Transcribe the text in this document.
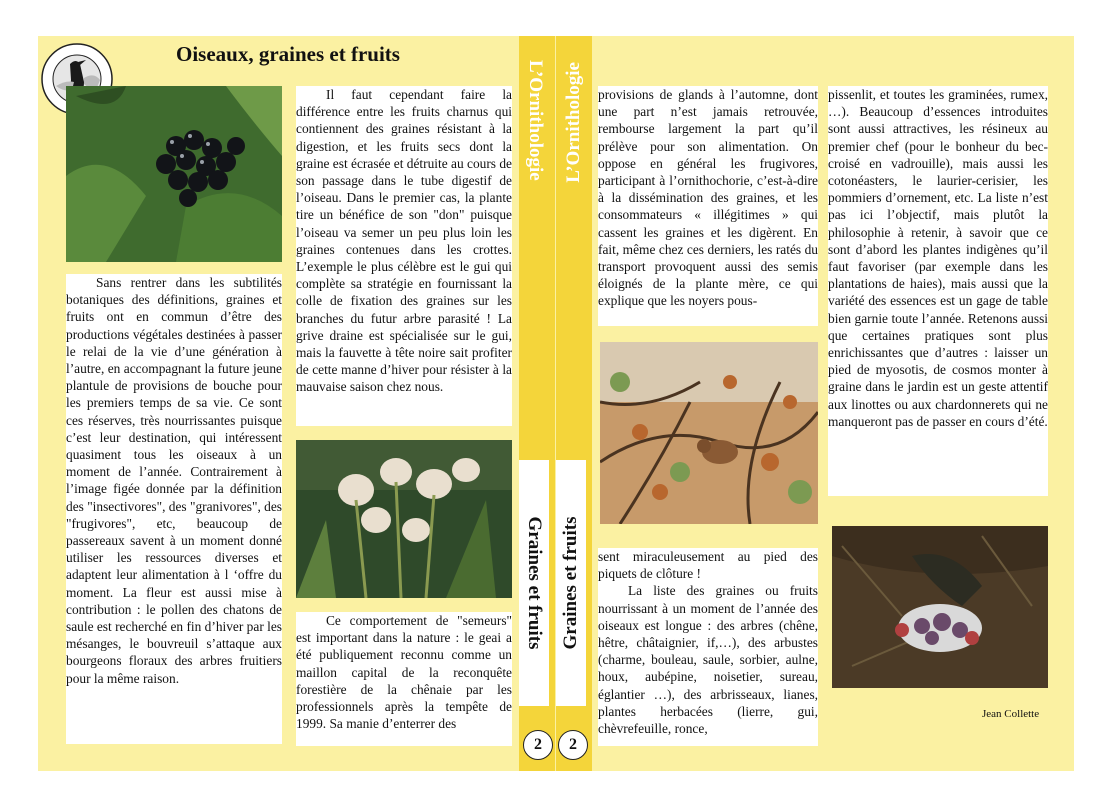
Oiseaux, graines et fruits

Sans rentrer dans les subtilités botaniques des définitions, graines et fruits ont en commun d’être des productions végétales destinées à passer le relai de la vie d’une génération à l’autre, en accompagnant la future jeune plantule de provisions de bouche pour les premiers temps de sa vie. Ce sont ces réserves, très nourrissantes puisque c’est leur destination, qui intéressent quasiment tous les oiseaux à un moment de l’année. Contrairement à l’image figée donnée par la définition des "insectivores", des "granivores", des "frugivores", etc, beaucoup de passereaux savent à un moment donné utiliser les ressources diverses et adaptent leur alimentation à l ‘offre du moment. La fleur est aussi mise à contribution : le pollen des chatons de saule est recherché en fin d’hiver par les mésanges, le bouvreuil s’attaque aux bourgeons floraux des arbres fruitiers pour la même raison.

Il faut cependant faire la différence entre les fruits charnus qui contiennent des graines résistant à la digestion, et les fruits secs dont la graine est écrasée et détruite au cours de son passage dans le tube digestif de l’oiseau. Dans le premier cas, la plante tire un bénéfice de son "don" puisque l’oiseau va semer un peu plus loin les graines contenues dans les crottes. L’exemple le plus célèbre est le gui qui complète sa stratégie en fournissant la colle de fixation des graines sur les branches du futur arbre parasité ! La grive draine est spécialisée sur le gui, mais la fauvette à tête noire sait profiter de cette manne d’hiver pour résister à la mauvaise saison chez nous.

Ce comportement de "semeurs" est important dans la nature : le geai a été publiquement reconnu comme un maillon capital de la reconquête forestière de la chênaie par les professionnels après la tempête de 1999. Sa manie d’enterrer des

L’Ornithologie L’Ornithologie
Graines et fruits Graines et fruits
2	2

provisions de glands à l’automne, dont une part n’est jamais retrouvée, rembourse largement la part qu’il prélève pour son alimentation. On oppose en général les frugivores, participant à l’ornithochorie, c’est-à-dire à la dissémination des graines, et les consommateurs « illégitimes » qui cassent les graines et les digèrent. En fait, même chez ces derniers, les ratés du transport provoquent aussi des semis éloignés de la plante mère, ce qui explique que les noyers pous-

sent miraculeusement au pied des piquets de clôture !

La liste des graines ou fruits nourrissant à un moment de l’année des oiseaux est longue : des arbres (chêne, hêtre, châtaignier, if,…), des arbustes (charme, bouleau, saule, sorbier, aulne, houx, aubépine, noisetier, sureau, églantier …), des arbrisseaux, lianes, plantes herbacées (lierre, gui, chèvrefeuille, ronce,

pissenlit, et toutes les graminées, rumex, …). Beaucoup d’essences introduites sont aussi attractives, les résineux au premier chef (pour le bonheur du bec-croisé en vadrouille), mais aussi les cotonéasters, le laurier-cerisier, les pommiers d’ornement, etc. La liste n’est pas ici l’objectif, mais plutôt la philosophie à retenir, à savoir que ce sont d’abord les plantes indigènes qu’il faut favoriser (par exemple dans les plantations de haies), mais aussi que la variété des essences est un gage de table bien garnie toute l’année. Retenons aussi que certaines pratiques sont plus enrichissantes que d’autres : laisser un pied de myosotis, de cosmos monter à graine dans le jardin est un geste attentif aux linottes ou aux chardonnerets qui ne manqueront pas de passer en cours d’été.

Jean Collette
